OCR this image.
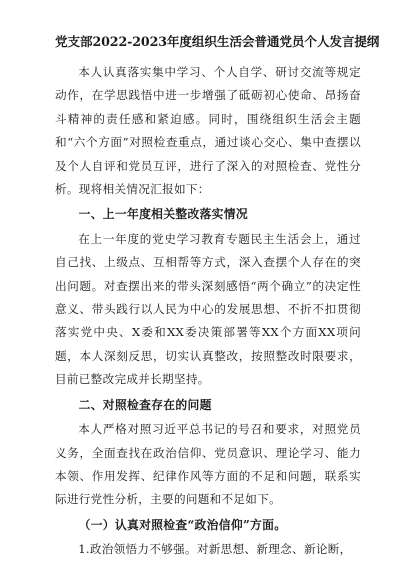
党支部2022-2023年度组织生活会普通党员个人发言提纲

本人认真落实集中学习、个人自学、研讨交流等规定动作，在学思践悟中进一步增强了砥砺初心使命、昂扬奋斗精神的责任感和紧迫感。同时，围绕组织生活会主题和“六个方面”对照检查重点，通过谈心交心、集中查摆以及个人自评和党员互评，进行了深入的对照检查、党性分析。现将相关情况汇报如下：

一、上一年度相关整改落实情况

在上一年度的党史学习教育专题民主生活会上，通过自己找、上级点、互相帮等方式，深入查摆个人存在的突出问题。对查摆出来的带头深刻感悟“两个确立”的决定性意义、带头践行以人民为中心的发展思想、不折不扣贯彻落实党中央、X委和XX委决策部署等XX个方面XX项问题，本人深刻反思，切实认真整改，按照整改时限要求，目前已整改完成并长期坚持。

二、对照检查存在的问题

本人严格对照习近平总书记的号召和要求，对照党员义务，全面查找在政治信仰、党员意识、理论学习、能力本领、作用发挥、纪律作风等方面的不足和问题，联系实际进行党性分析，主要的问题和不足如下。

（一）认真对照检查“政治信仰”方面。

1.政治领悟力不够强。对新思想、新理念、新论断，
